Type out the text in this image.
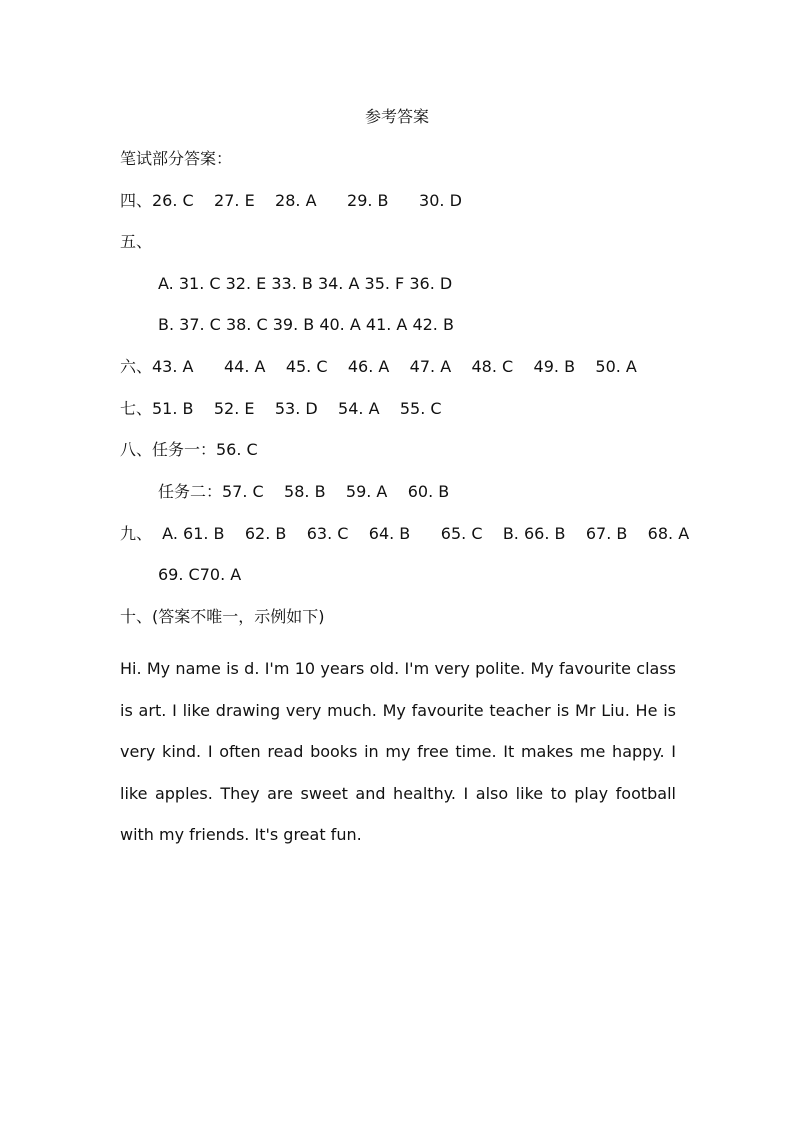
参考答案

笔试部分答案：

四、26. C    27. E    28. A      29. B      30. D

五、

A. 31. C 32. E 33. B 34. A 35. F 36. D

B. 37. C 38. C 39. B 40. A 41. A 42. B

六、43. A      44. A    45. C    46. A    47. A    48. C    49. B    50. A

七、51. B    52. E    53. D    54. A    55. C

八、任务一：56. C

任务二：57. C    58. B    59. A    60. B

九、  A. 61. B    62. B    63. C    64. B      65. C    B. 66. B    67. B    68. A

69. C70. A

十、(答案不唯一，示例如下)

Hi. My name is d. I'm 10 years old. I'm very polite. My favourite class is art. I like drawing very much. My favourite teacher is Mr Liu. He is very kind. I often read books in my free time. It makes me happy. I like apples. They are sweet and healthy. I also like to play football with my friends. It's great fun.
